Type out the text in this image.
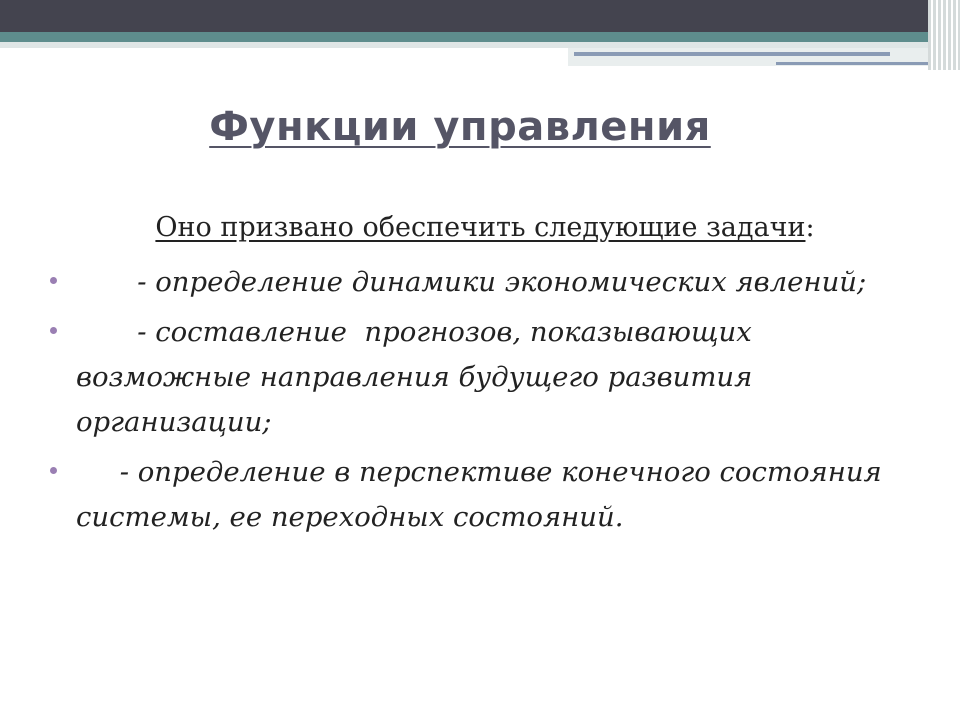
Функции управления
Оно призвано обеспечить следующие задачи:
- определение динамики экономических явлений;
- составление  прогнозов, показывающих возможные направления будущего развития организации;
- определение в перспективе конечного состояния системы, ее переходных состояний.
